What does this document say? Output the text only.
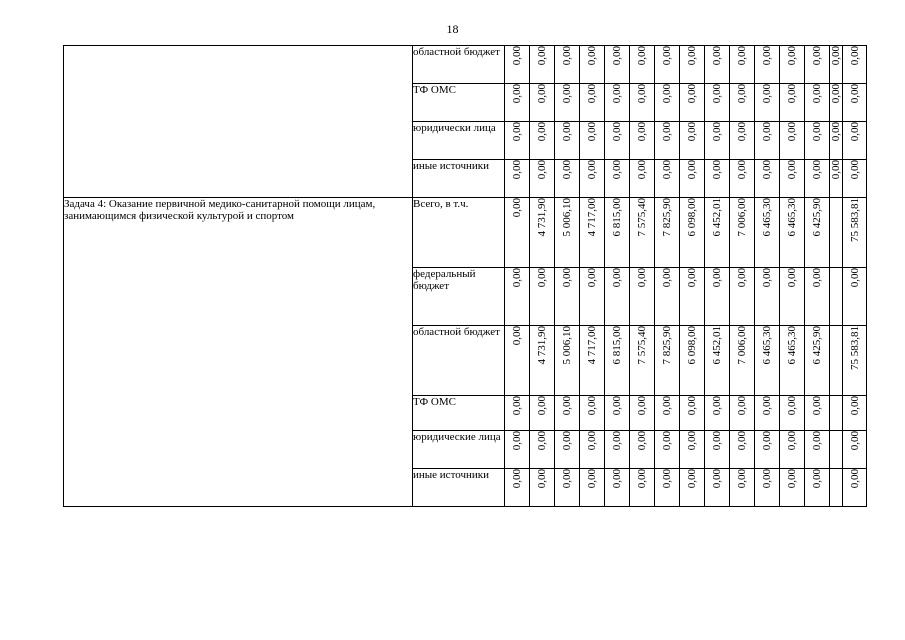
18
	областной бюджет	0,00	0,00	0,00	0,00	0,00	0,00	0,00	0,00	0,00	0,00	0,00	0,00	0,00	0,00	0,00
	ТФ ОМС	0,00	0,00	0,00	0,00	0,00	0,00	0,00	0,00	0,00	0,00	0,00	0,00	0,00	0,00	0,00
	юридически лица	0,00	0,00	0,00	0,00	0,00	0,00	0,00	0,00	0,00	0,00	0,00	0,00	0,00	0,00	0,00
	иные источники	0,00	0,00	0,00	0,00	0,00	0,00	0,00	0,00	0,00	0,00	0,00	0,00	0,00	0,00	0,00
Задача 4: Оказание первичной медико-санитарной помощи лицам, занимающимся физической культурой и спортом	Всего, в т.ч.	0,00	4 731,90	5 006,10	4 717,00	6 815,00	7 575,40	7 825,90	6 098,00	6 452,01	7 006,00	6 465,30	6 465,30	6 425,90		75 583,81
	федеральный бюджет	0,00	0,00	0,00	0,00	0,00	0,00	0,00	0,00	0,00	0,00	0,00	0,00	0,00		0,00
	областной бюджет	0,00	4 731,90	5 006,10	4 717,00	6 815,00	7 575,40	7 825,90	6 098,00	6 452,01	7 006,00	6 465,30	6 465,30	6 425,90		75 583,81
	ТФ ОМС	0,00	0,00	0,00	0,00	0,00	0,00	0,00	0,00	0,00	0,00	0,00	0,00	0,00		0,00
	юридические лица	0,00	0,00	0,00	0,00	0,00	0,00	0,00	0,00	0,00	0,00	0,00	0,00	0,00		0,00
	иные источники	0,00	0,00	0,00	0,00	0,00	0,00	0,00	0,00	0,00	0,00	0,00	0,00	0,00		0,00
